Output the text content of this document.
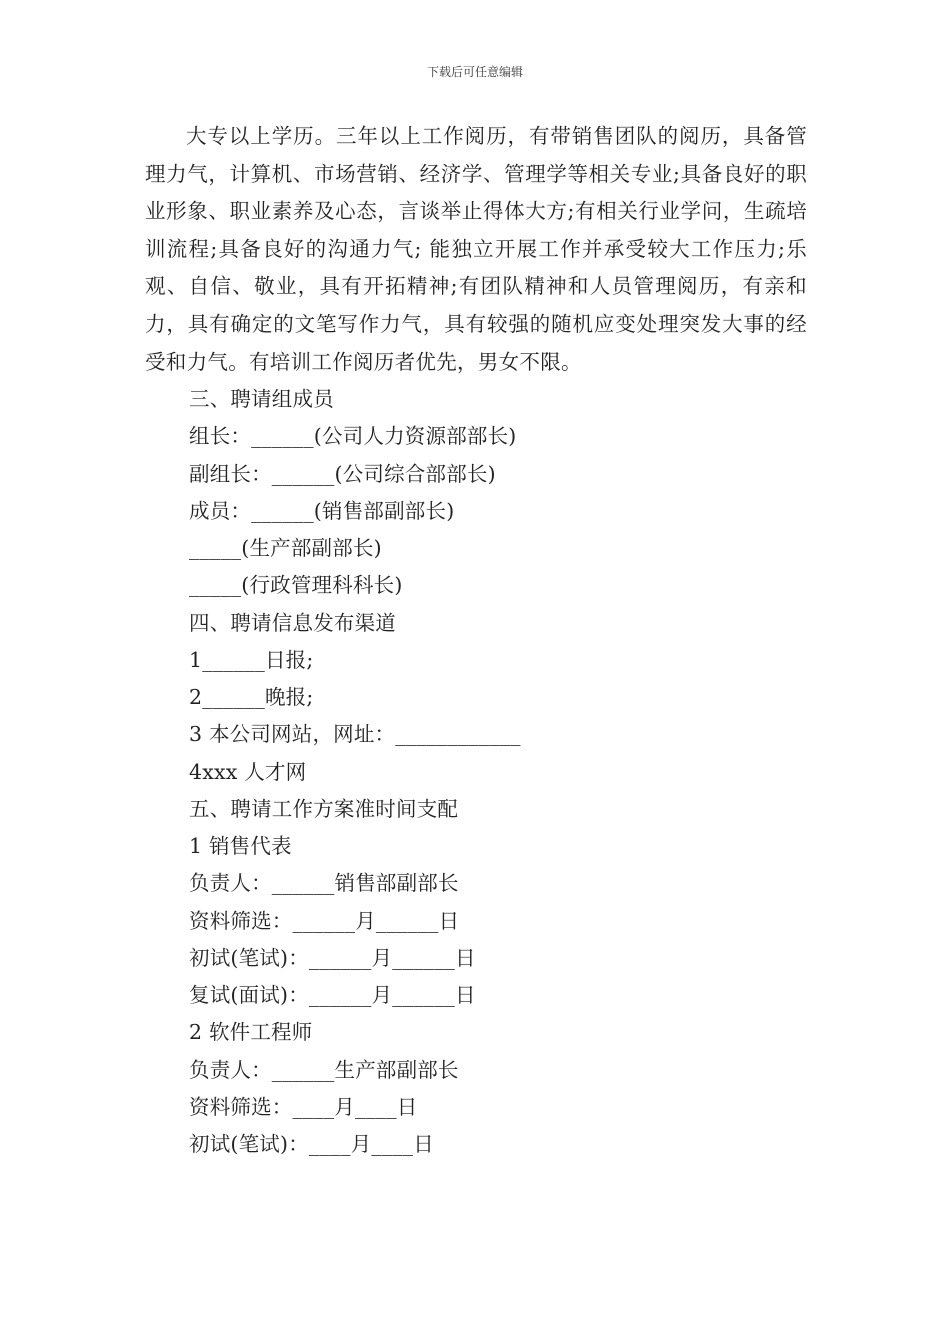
下载后可任意编辑

大专以上学历。三年以上工作阅历，有带销售团队的阅历，具备管理力气，计算机、市场营销、经济学、管理学等相关专业;具备良好的职业形象、职业素养及心态，言谈举止得体大方;有相关行业学问，生疏培训流程;具备良好的沟通力气; 能独立开展工作并承受较大工作压力;乐观、自信、敬业，具有开拓精神;有团队精神和人员管理阅历，有亲和力，具有确定的文笔写作力气，具有较强的随机应变处理突发大事的经受和力气。有培训工作阅历者优先，男女不限。

三、聘请组成员

组长：______(公司人力资源部部长)

副组长：______(公司综合部部长)

成员：______(销售部副部长)

_____(生产部副部长)

_____(行政管理科科长)

四、聘请信息发布渠道

1______日报;

2______晚报;

3 本公司网站，网址：____________

4xxx 人才网

五、聘请工作方案准时间支配

1 销售代表

负责人：______销售部副部长

资料筛选：______月______日

初试(笔试)：______月______日

复试(面试)：______月______日

2 软件工程师

负责人：______生产部副部长

资料筛选：____月____日

初试(笔试)：____月____日
